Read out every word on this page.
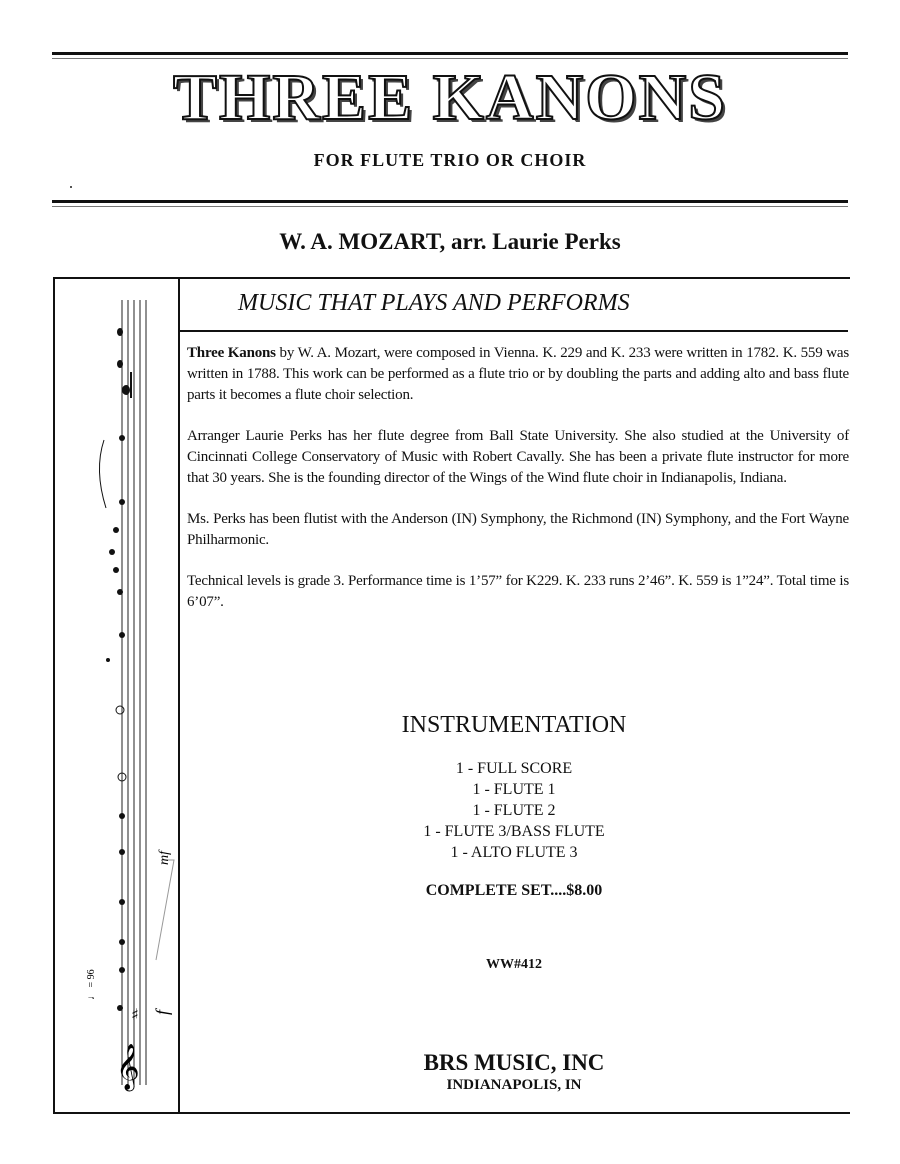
THREE KANONS
FOR FLUTE TRIO OR CHOIR
W. A. MOZART, arr. Laurie Perks
𝄞
♯
♩ = 96
f
mf
MUSIC THAT PLAYS AND PERFORMS

Three Kanons by W. A. Mozart, were composed in Vienna. K. 229 and K. 233 were written in 1782. K. 559 was written in 1788. This work can be performed as a flute trio or by doubling the parts and adding alto and bass flute parts it becomes a flute choir selection.

Arranger Laurie Perks has her flute degree from Ball State University. She also studied at the University of Cincinnati College Conservatory of Music with Robert Cavally. She has been a private flute instructor for more that 30 years. She is the founding director of the Wings of the Wind flute choir in Indianapolis, Indiana.

Ms. Perks has been flutist with the Anderson (IN) Symphony, the Richmond (IN) Symphony, and the Fort Wayne Philharmonic.

Technical levels is grade 3. Performance time is 1’57” for K229. K. 233 runs 2’46”. K. 559 is 1”24”. Total time is 6’07”.

INSTRUMENTATION
1 - FULL SCORE
1 - FLUTE 1
1 - FLUTE 2
1 - FLUTE 3/BASS FLUTE
1 - ALTO FLUTE 3
COMPLETE SET....$8.00
WW#412
BRS MUSIC, INC
INDIANAPOLIS, IN
